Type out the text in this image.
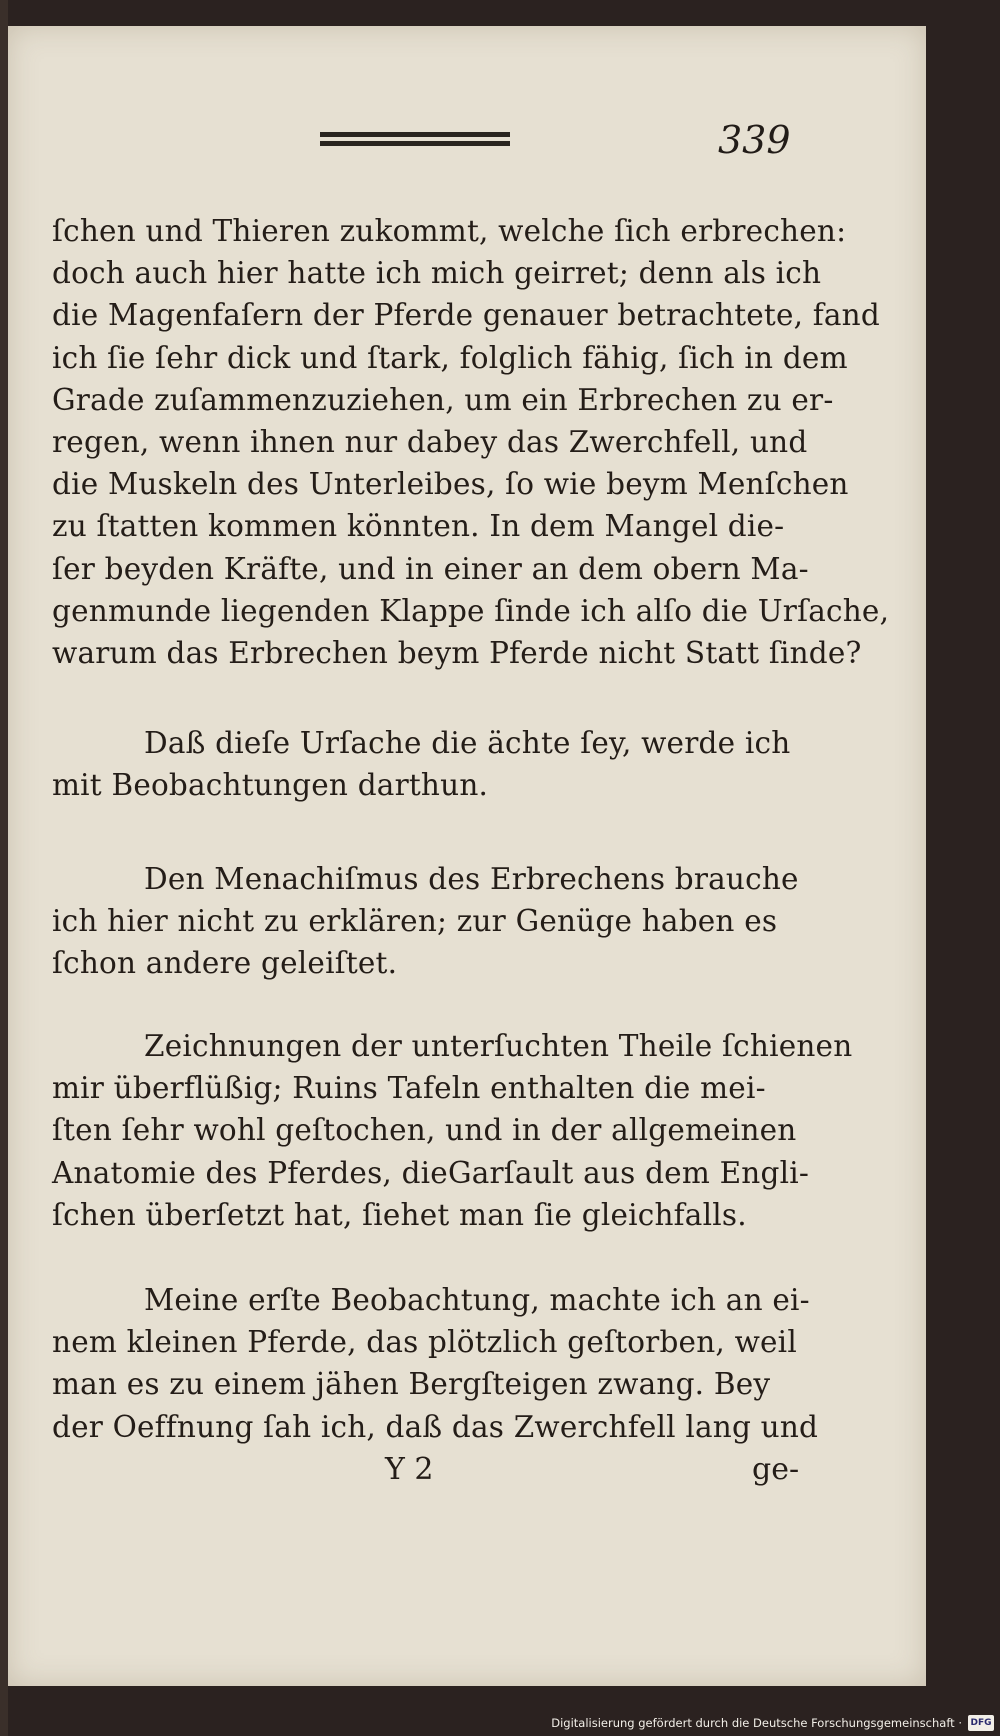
339
ſchen und Thieren zukommt, welche ſich erbrechen:
doch auch hier hatte ich mich geirret; denn als ich
die Magenfaſern der Pferde genauer betrachtete, fand
ich ſie ſehr dick und ſtark, folglich fähig, ſich in dem
Grade zuſammenzuziehen, um ein Erbrechen zu er-
regen, wenn ihnen nur dabey das Zwerchfell, und
die Muskeln des Unterleibes, ſo wie beym Menſchen
zu ſtatten kommen könnten. In dem Mangel die-
ſer beyden Kräfte, und in einer an dem obern Ma-
genmunde liegenden Klappe ſinde ich alſo die Urſache,
warum das Erbrechen beym Pferde nicht Statt ſinde?
Daß dieſe Urſache die ächte ſey, werde ich
mit Beobachtungen darthun.
Den Menachiſmus des Erbrechens brauche
ich hier nicht zu erklären; zur Genüge haben es
ſchon andere geleiſtet.
Zeichnungen der unterſuchten Theile ſchienen
mir überflüßig; Ruins Tafeln enthalten die mei-
ſten ſehr wohl geſtochen, und in der allgemeinen
Anatomie des Pferdes, dieGarſault aus dem Engli-
ſchen überſetzt hat, ſiehet man ſie gleichfalls.
Meine erſte Beobachtung, machte ich an ei-
nem kleinen Pferde, das plötzlich geſtorben, weil
man es zu einem jähen Bergſteigen zwang. Bey
der Oeffnung ſah ich, daß das Zwerchfell lang und
Y 2	ge-
Digitalisierung gefördert durch die Deutsche Forschungsgemeinschaft · DFG
